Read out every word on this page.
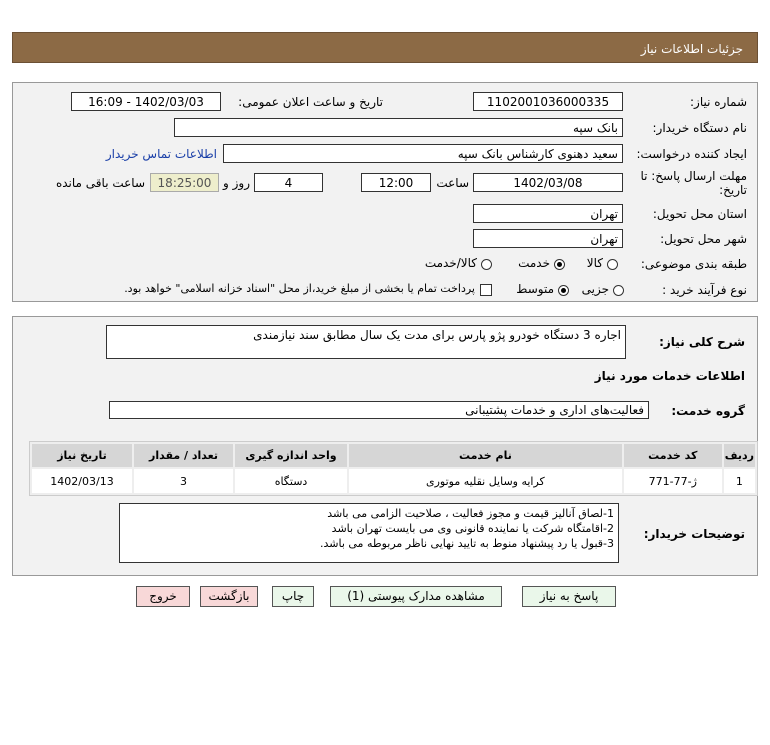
جزئیات اطلاعات نیاز
شماره نیاز:
1102001036000335
تاریخ و ساعت اعلان عمومی:
1402/03/03 - 16:09
نام دستگاه خریدار:
بانک سپه
ایجاد کننده درخواست:
سعید دهنوی کارشناس بانک سپه
اطلاعات تماس خریدار
مهلت ارسال پاسخ: تا تاریخ:
1402/03/08
ساعت
12:00
4
روز و
18:25:00
ساعت باقی مانده
استان محل تحویل:
تهران
شهر محل تحویل:
تهران
طبقه بندی موضوعی:
کالا
خدمت
کالا/خدمت
نوع فرآیند خرید :
جزیی
متوسط
پرداخت تمام یا بخشی از مبلغ خرید،از محل "اسناد خزانه اسلامی" خواهد بود.
شرح کلی نیاز:
اجاره 3 دستگاه خودرو پژو پارس برای مدت یک سال مطابق سند نیازمندی
اطلاعات خدمات مورد نیاز
گروه خدمت:
فعالیت‌های اداری و خدمات پشتیبانی
ردیف	کد خدمت	نام خدمت	واحد اندازه گیری	تعداد / مقدار	تاریخ نیاز
1	ژ-77-771	کرایه وسایل نقلیه موتوری	دستگاه	3	1402/03/13
توضیحات خریدار:
1-لصاق آنالیز قیمت و مجوز فعالیت ، صلاحیت الزامی می باشد
2-اقامتگاه شرکت یا نماینده قانونی وی می بایست تهران باشد
3-قبول یا رد پیشنهاد منوط به تایید نهایی ناظر مربوطه می باشد.
پاسخ به نیاز
مشاهده مدارک پیوستی (1)
چاپ
بازگشت
خروج
